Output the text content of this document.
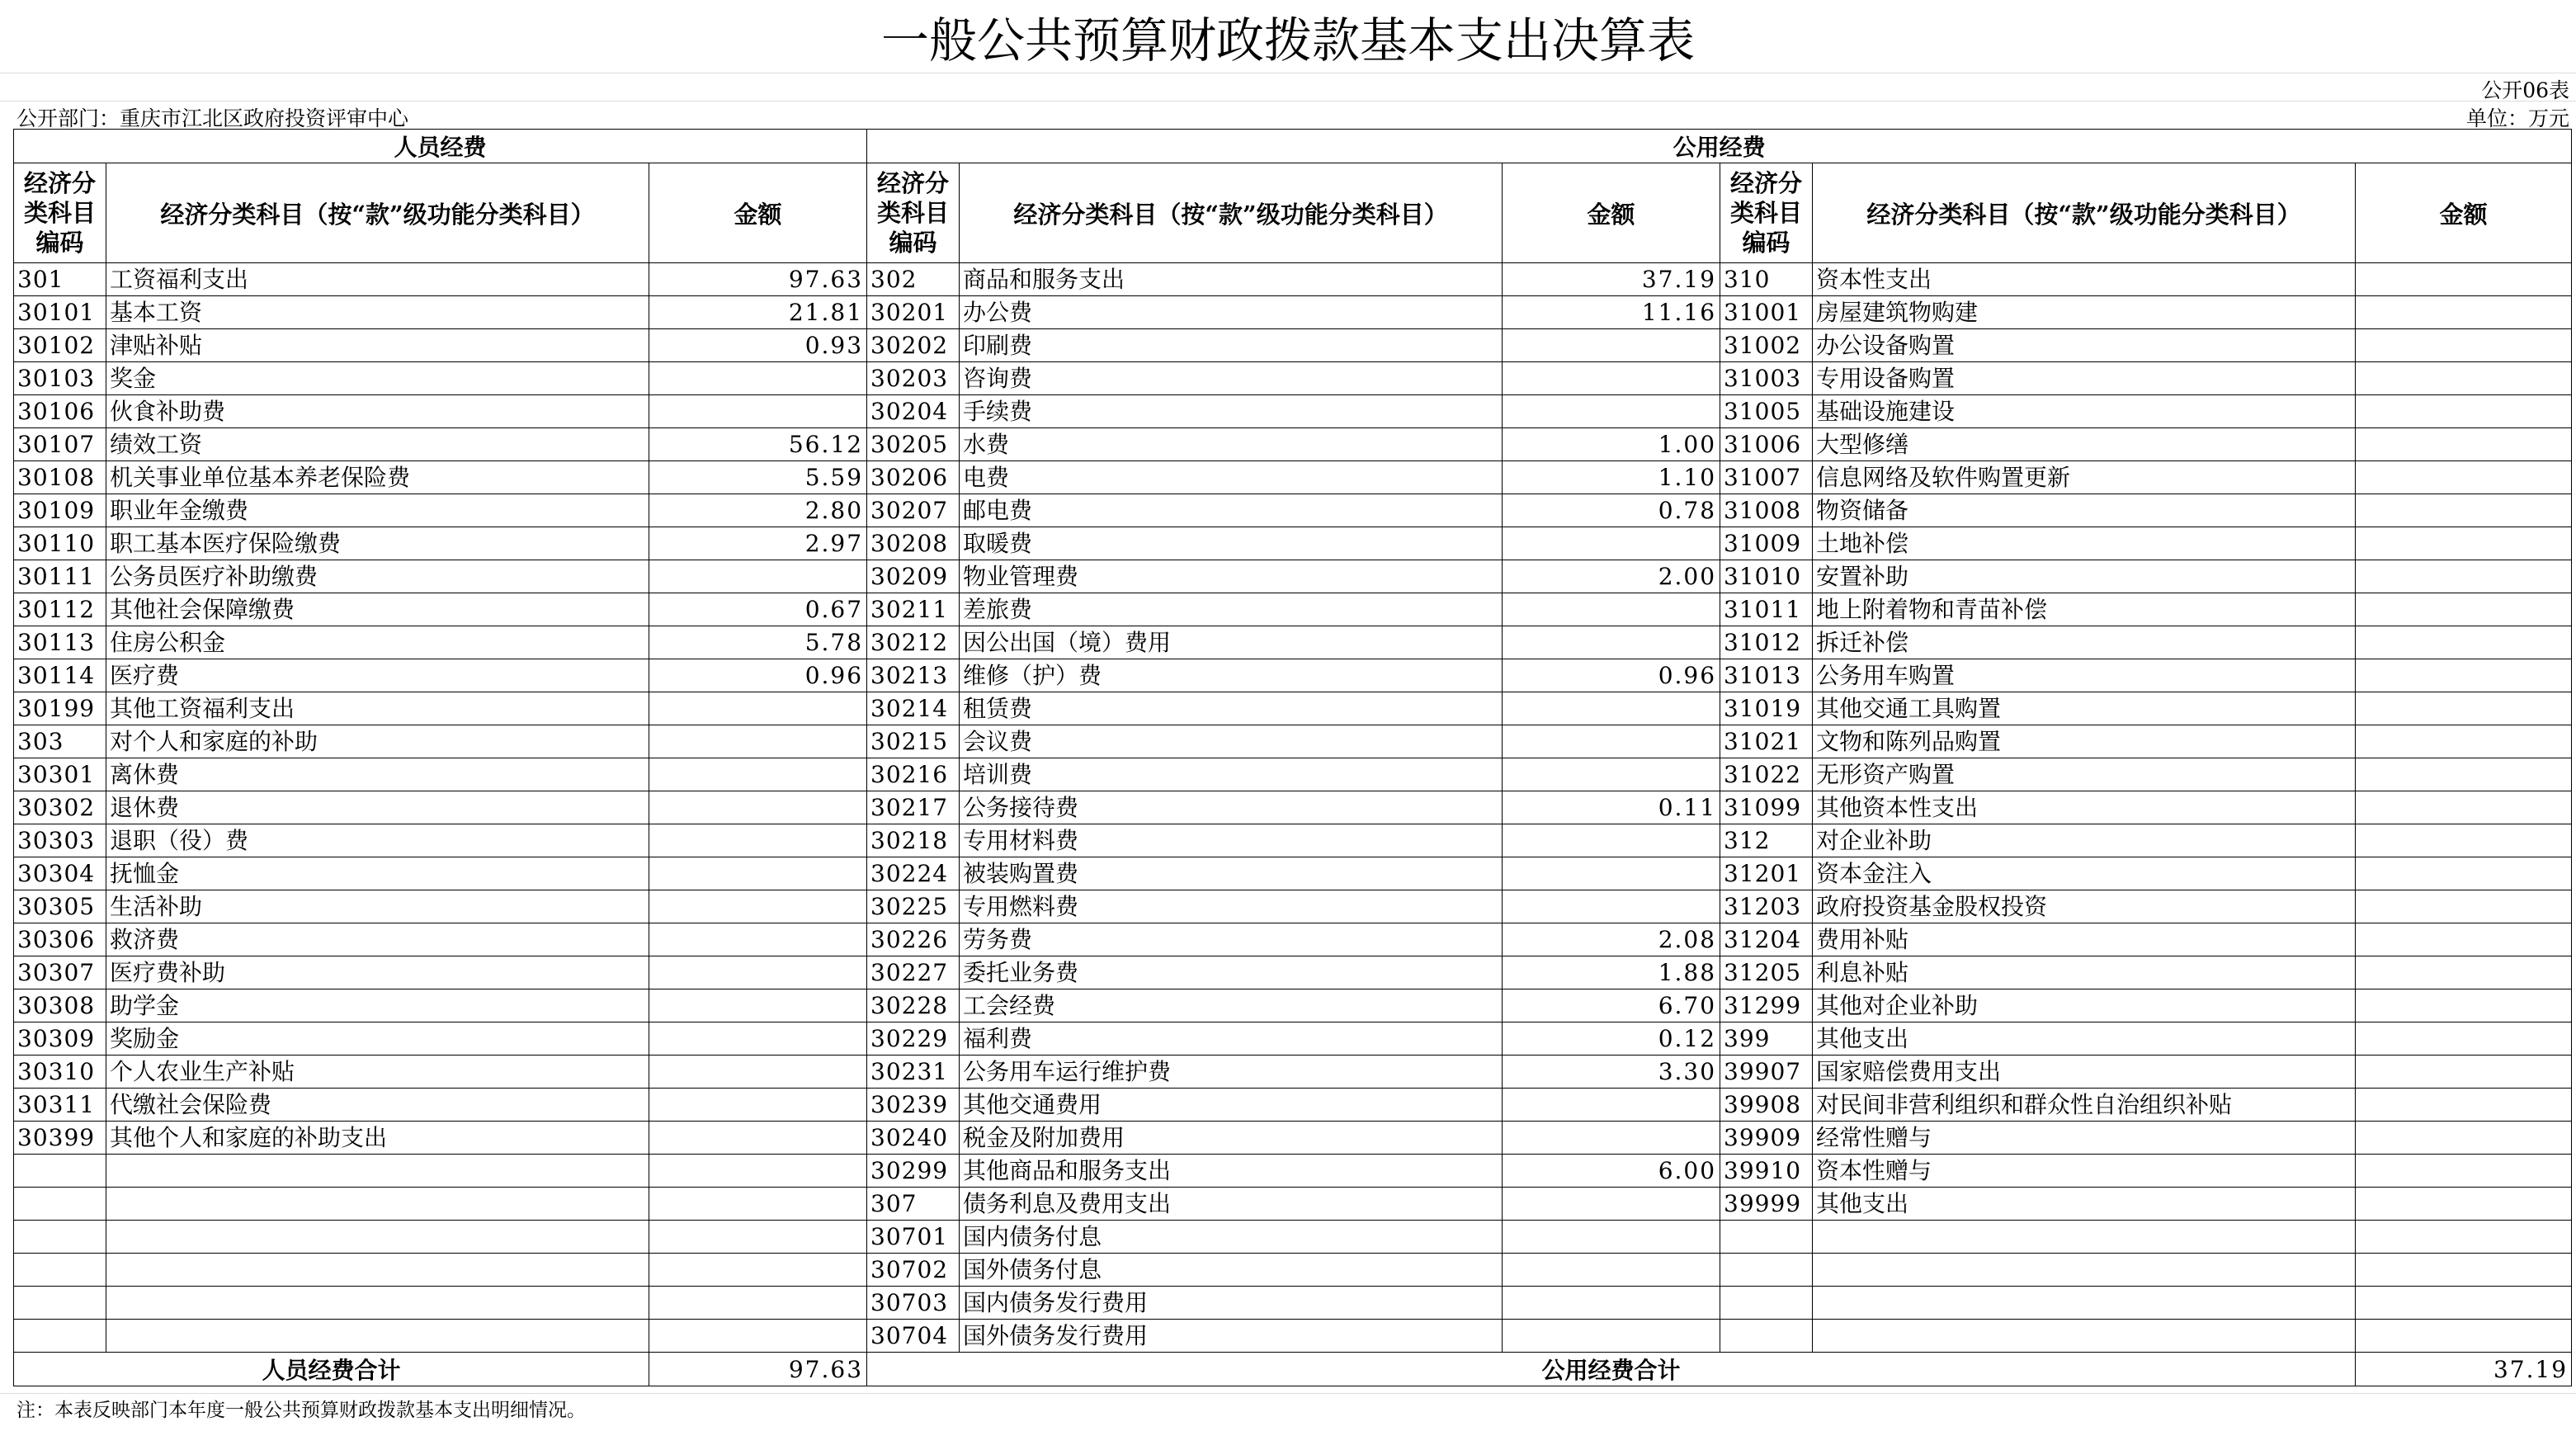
一般公共预算财政拨款基本支出决算表
公开06表
公开部门：重庆市江北区政府投资评审中心	单位：万元
人员经费			公用经费					
经济分类科目编码	经济分类科目（按“款”级功能分类科目）	金额	经济分类科目编码	经济分类科目（按“款”级功能分类科目）	金额	经济分类科目编码	经济分类科目（按“款”级功能分类科目）	金额
301	工资福利支出	97.63	302	商品和服务支出	37.19	310	资本性支出	
30101	基本工资	21.81	30201	办公费	11.16	31001	房屋建筑物购建	
30102	津贴补贴	0.93	30202	印刷费		31002	办公设备购置	
30103	奖金		30203	咨询费		31003	专用设备购置	
30106	伙食补助费		30204	手续费		31005	基础设施建设	
30107	绩效工资	56.12	30205	水费	1.00	31006	大型修缮	
30108	机关事业单位基本养老保险费	5.59	30206	电费	1.10	31007	信息网络及软件购置更新	
30109	职业年金缴费	2.80	30207	邮电费	0.78	31008	物资储备	
30110	职工基本医疗保险缴费	2.97	30208	取暖费		31009	土地补偿	
30111	公务员医疗补助缴费		30209	物业管理费	2.00	31010	安置补助	
30112	其他社会保障缴费	0.67	30211	差旅费		31011	地上附着物和青苗补偿	
30113	住房公积金	5.78	30212	因公出国（境）费用		31012	拆迁补偿	
30114	医疗费	0.96	30213	维修（护）费	0.96	31013	公务用车购置	
30199	其他工资福利支出		30214	租赁费		31019	其他交通工具购置	
303	对个人和家庭的补助		30215	会议费		31021	文物和陈列品购置	
30301	离休费		30216	培训费		31022	无形资产购置	
30302	退休费		30217	公务接待费	0.11	31099	其他资本性支出	
30303	退职（役）费		30218	专用材料费		312	对企业补助	
30304	抚恤金		30224	被装购置费		31201	资本金注入	
30305	生活补助		30225	专用燃料费		31203	政府投资基金股权投资	
30306	救济费		30226	劳务费	2.08	31204	费用补贴	
30307	医疗费补助		30227	委托业务费	1.88	31205	利息补贴	
30308	助学金		30228	工会经费	6.70	31299	其他对企业补助	
30309	奖励金		30229	福利费	0.12	399	其他支出	
30310	个人农业生产补贴		30231	公务用车运行维护费	3.30	39907	国家赔偿费用支出	
30311	代缴社会保险费		30239	其他交通费用		39908	对民间非营利组织和群众性自治组织补贴	
30399	其他个人和家庭的补助支出		30240	税金及附加费用		39909	经常性赠与	
			30299	其他商品和服务支出	6.00	39910	资本性赠与	
			307	债务利息及费用支出		39999	其他支出	
			30701	国内债务付息				
			30702	国外债务付息				
			30703	国内债务发行费用				
			30704	国外债务发行费用				
人员经费合计		97.63	公用经费合计					37.19
注：本表反映部门本年度一般公共预算财政拨款基本支出明细情况。
